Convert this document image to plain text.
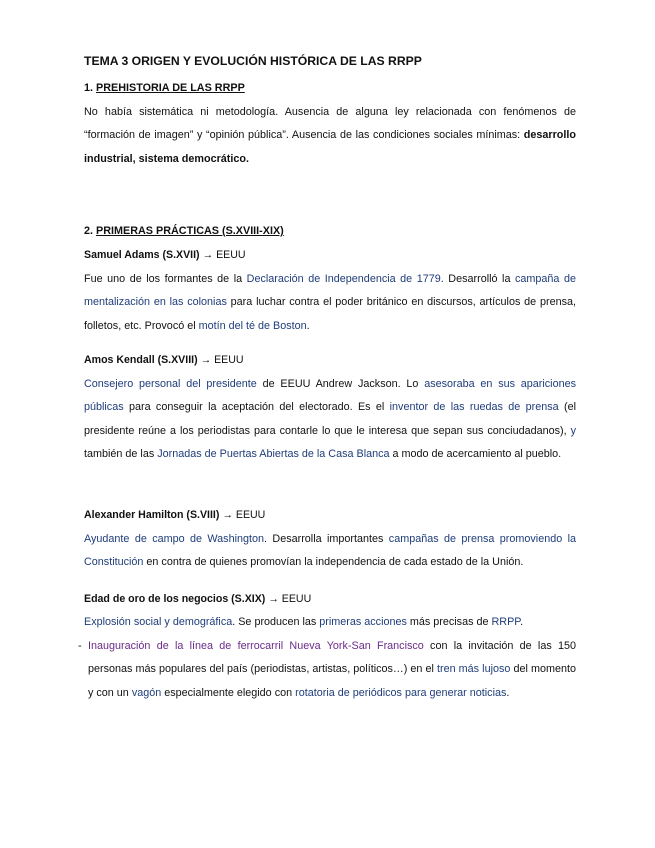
TEMA 3 ORIGEN Y EVOLUCIÓN HISTÓRICA DE LAS RRPP
1. PREHISTORIA DE LAS RRPP
No había sistemática ni metodología. Ausencia de alguna ley relacionada con fenómenos de “formación de imagen” y “opinión pública”. Ausencia de las condiciones sociales mínimas: desarrollo industrial, sistema democrático.
2. PRIMERAS PRÁCTICAS (S.XVIII-XIX)
Samuel Adams (S.XVII) → EEUU
Fue uno de los formantes de la Declaración de Independencia de 1779. Desarrolló la campaña de mentalización en las colonias para luchar contra el poder británico en discursos, artículos de prensa, folletos, etc. Provocó el motín del té de Boston.
Amos Kendall (S.XVIII) → EEUU
Consejero personal del presidente de EEUU Andrew Jackson. Lo asesoraba en sus apariciones públicas para conseguir la aceptación del electorado. Es el inventor de las ruedas de prensa (el presidente reúne a los periodistas para contarle lo que le interesa que sepan sus conciudadanos), y también de las Jornadas de Puertas Abiertas de la Casa Blanca a modo de acercamiento al pueblo.
Alexander Hamilton (S.VIII) → EEUU
Ayudante de campo de Washington. Desarrolla importantes campañas de prensa promoviendo la Constitución en contra de quienes promovían la independencia de cada estado de la Unión.
Edad de oro de los negocios (S.XIX) → EEUU
Explosión social y demográfica. Se producen las primeras acciones más precisas de RRPP.
- Inauguración de la línea de ferrocarril Nueva York-San Francisco con la invitación de las 150 personas más populares del país (periodistas, artistas, políticos…) en el tren más lujoso del momento y con un vagón especialmente elegido con rotatoria de periódicos para generar noticias.
